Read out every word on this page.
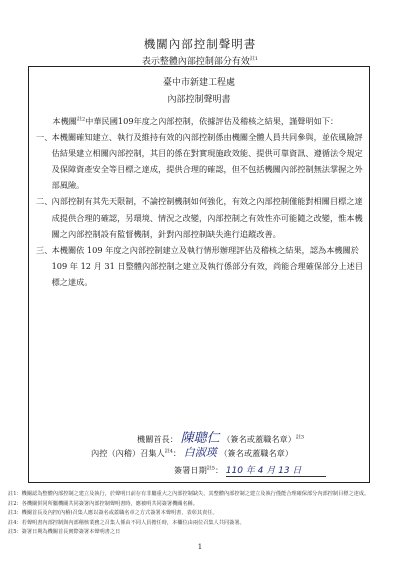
機關內部控制聲明書
表示整體內部控制部分有效$^{註1}$
臺中市新建工程處
內部控制聲明書

本機關$^{註2}$中華民國109年度之內部控制，依據評估及稽核之結果，謹聲明如下：

一、 本機關確知建立、執行及維持有效的內部控制係由機關全體人員共同參與，並依風險評估結果建立相關內部控制，其目的係在對實現施政效能、提供可靠資訊、遵循法令規定及保障資產安全等目標之達成，提供合理的確認，但不包括機關內部控制無法掌握之外部風險。
二、 內部控制有其先天限制，不論控制機制如何強化，有效之內部控制僅能對相關目標之達成提供合理的確認，另環境、情況之改變，內部控制之有效性亦可能隨之改變，惟本機關之內部控制設有監督機制，針對內部控制缺失進行追蹤改善。
三、 本機關依 109 年度之內部控制建立及執行情形辦理評估及稽核之結果，認為本機關於 109 年 12 月 31 日整體內部控制之建立及執行係部分有效，尚能合理確保部分上述目標之達成。
機關首長： 陳聰仁 （簽名或蓋職名章）$^{註3}$
內控（內稽）召集人$^{註4}$： 白淑瑛 （簽名或蓋職名章）
簽署日期$^{註5}$： 110 年 4 月 13 日
註1：機關認為整體內部控制之建立及執行，於聲明日前存有非屬重大之內部控制缺失，其整體內部控制之建立及執行僅能合理確保部分內部控制目標之達成。
註2：各機關併同所屬機關共同簽署內部控制聲明書時，應被明共同簽署機關名稱。
註3：機關首長及內控(內稽)召集人應以簽名或蓋職名章之方式簽署本聲明書，表彰其責任。
註4：若聲明書內部控制與內部稽核業務之召集人係由不同人員擔任時，本欄位由兩位召集人共同簽署。
註5：簽署日期為機關首長實際簽署本聲明書之日
1
